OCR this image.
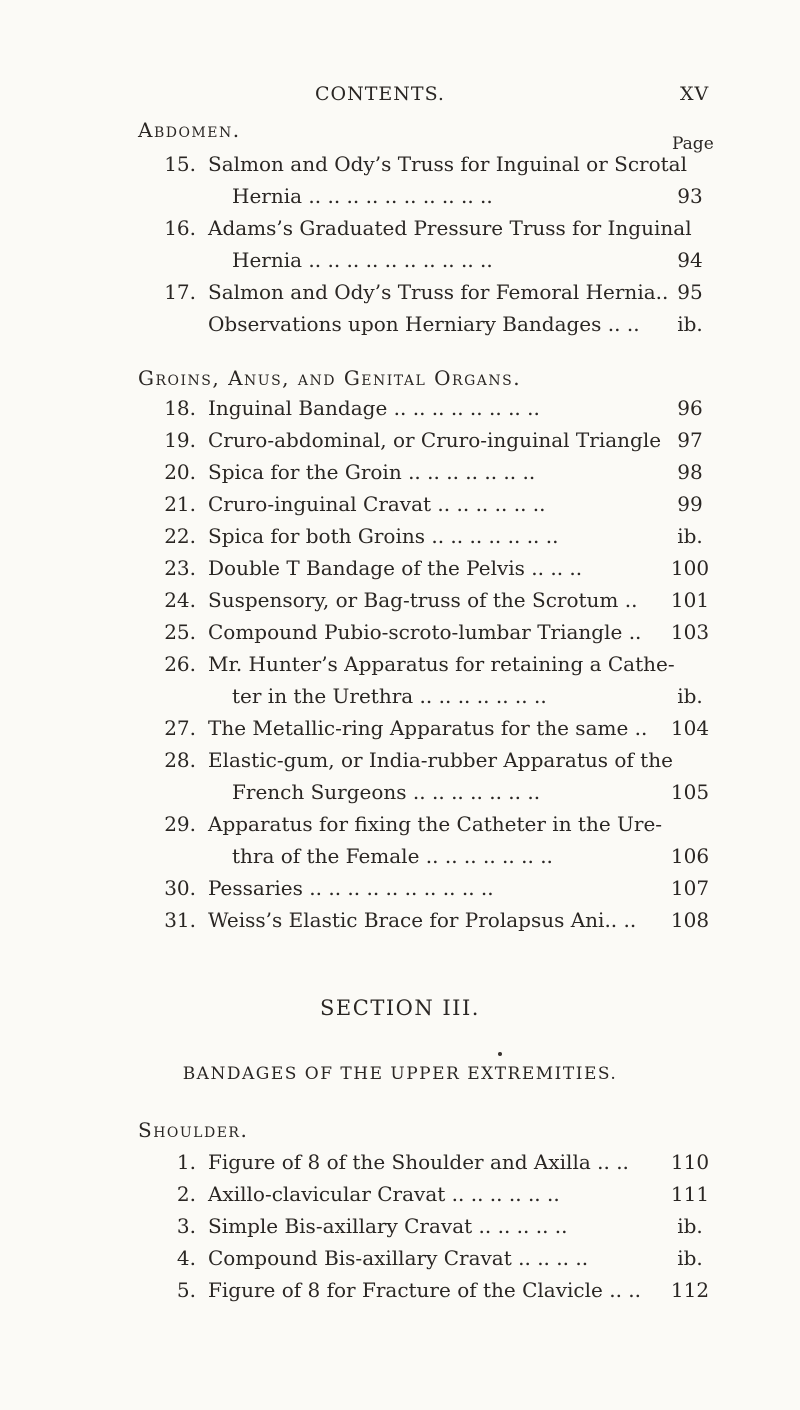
CONTENTS.	XV
Abdomen.
Page
15. Salmon and Ody’s Truss for Inguinal or Scrotal
Hernia .. .. .. .. .. .. .. .. .. ..	93
16. Adams’s Graduated Pressure Truss for Inguinal
Hernia .. .. .. .. .. .. .. .. .. ..	94
17. Salmon and Ody’s Truss for Femoral Hernia.. 95
Observations upon Herniary Bandages .. ..	ib.
Groins, Anus, and Genital Organs.
18. Inguinal Bandage .. .. .. .. .. .. .. ..	96
19. Cruro-abdominal, or Cruro-inguinal Triangle 97
20. Spica for the Groin .. .. .. .. .. .. ..	98
21. Cruro-inguinal Cravat .. .. .. .. .. ..	99
22. Spica for both Groins .. .. .. .. .. .. ..	ib.
23. Double T Bandage of the Pelvis .. .. ..	100
24. Suspensory, or Bag-truss of the Scrotum ..	101
25. Compound Pubio-scroto-lumbar Triangle ..	103
26. Mr. Hunter’s Apparatus for retaining a Cathe-
ter in the Urethra .. .. .. .. .. .. ..	ib.
27. The Metallic-ring Apparatus for the same ..	104
28. Elastic-gum, or India-rubber Apparatus of the
French Surgeons .. .. .. .. .. .. ..	105
29. Apparatus for fixing the Catheter in the Ure-
thra of the Female .. .. .. .. .. .. ..	106
30. Pessaries .. .. .. .. .. .. .. .. .. ..	107
31. Weiss’s Elastic Brace for Prolapsus Ani.. ..	108
SECTION III.
BANDAGES OF THE UPPER EXTREMITIES.
Shoulder.
1. Figure of 8 of the Shoulder and Axilla .. ..	110
2. Axillo-clavicular Cravat .. .. .. .. .. ..	111
3. Simple Bis-axillary Cravat .. .. .. .. ..	ib.
4. Compound Bis-axillary Cravat .. .. .. ..	ib.
5. Figure of 8 for Fracture of the Clavicle .. ..	112
